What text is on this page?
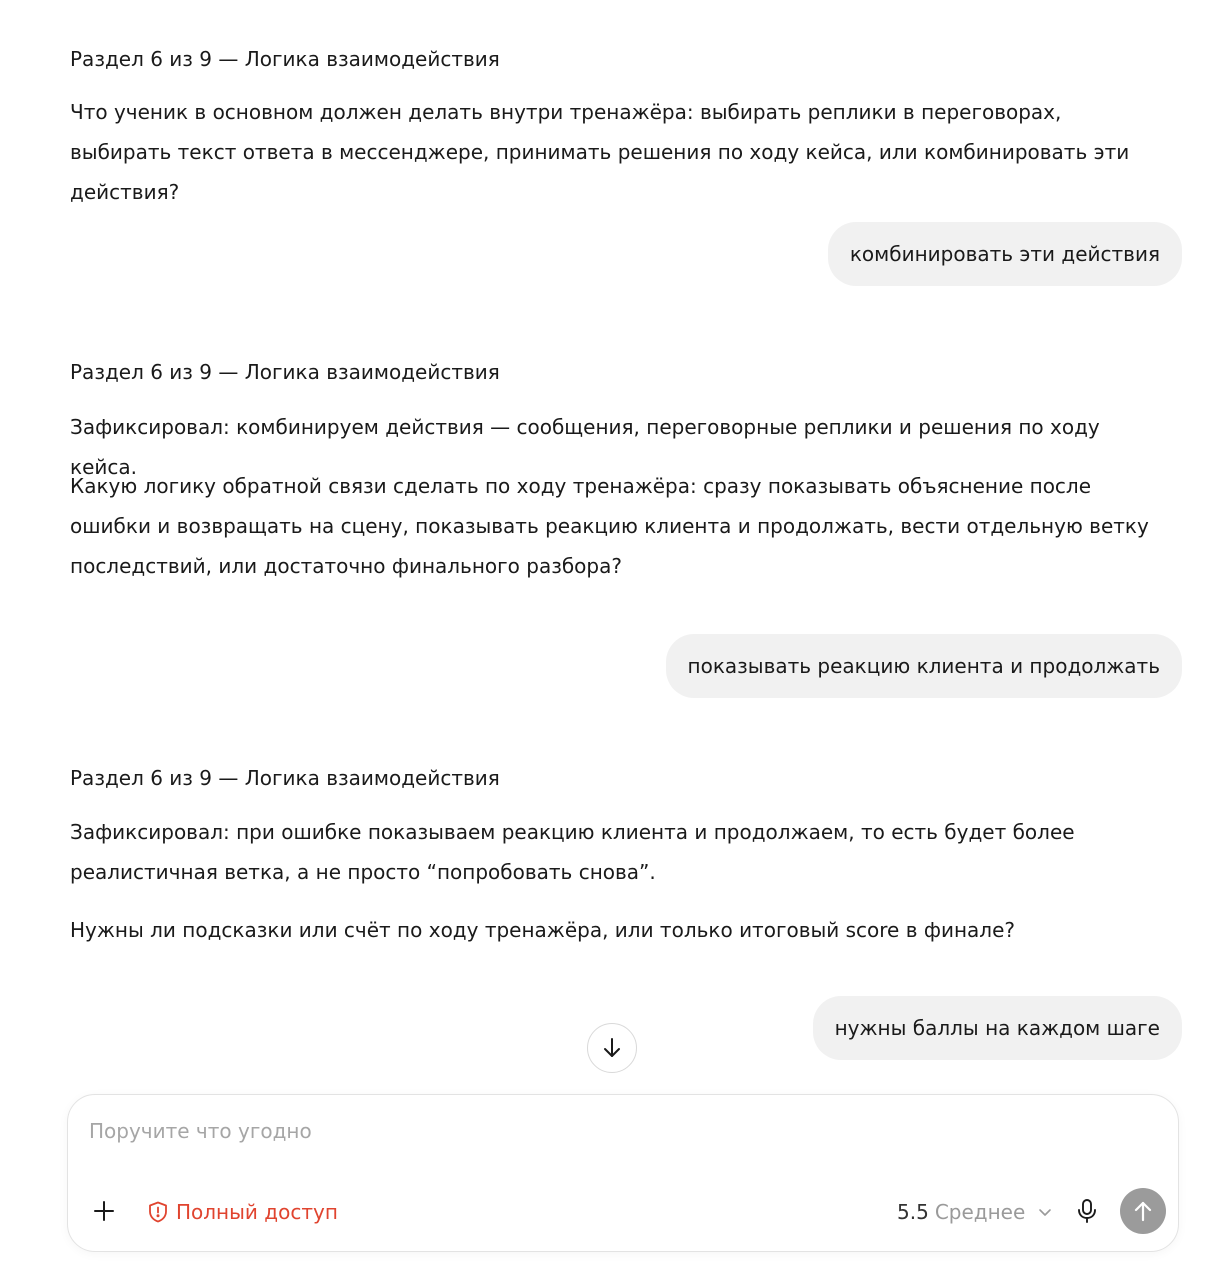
Раздел 6 из 9 — Логика взаимодействия
Что ученик в основном должен делать внутри тренажёра: выбирать реплики в переговорах, выбирать текст ответа в мессенджере, принимать решения по ходу кейса, или комбинировать эти действия?
комбинировать эти действия
Раздел 6 из 9 — Логика взаимодействия
Зафиксировал: комбинируем действия — сообщения, переговорные реплики и решения по ходу кейса.
Какую логику обратной связи сделать по ходу тренажёра: сразу показывать объяснение после ошибки и возвращать на сцену, показывать реакцию клиента и продолжать, вести отдельную ветку последствий, или достаточно финального разбора?
показывать реакцию клиента и продолжать
Раздел 6 из 9 — Логика взаимодействия
Зафиксировал: при ошибке показываем реакцию клиента и продолжаем, то есть будет более реалистичная ветка, а не просто “попробовать снова”.
Нужны ли подсказки или счёт по ходу тренажёра, или только итоговый score в финале?
нужны баллы на каждом шаге
Поручите что угодно
Полный доступ	5.5 Среднее
